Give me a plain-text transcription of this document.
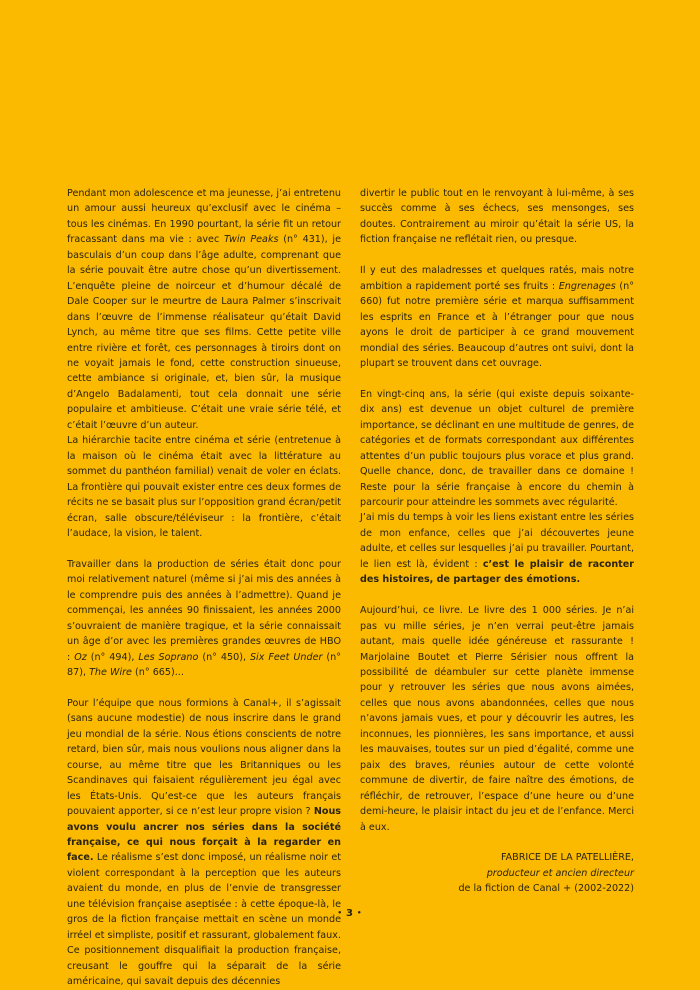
Pendant mon adolescence et ma jeunesse, j’ai entretenu un amour aussi heureux qu’exclusif avec le cinéma – tous les cinémas. En 1990 pourtant, la série fit un retour fracassant dans ma vie : avec Twin Peaks (n° 431), je basculais d’un coup dans l’âge adulte, comprenant que la série pouvait être autre chose qu’un divertissement. L’enquête pleine de noirceur et d’humour décalé de Dale Cooper sur le meurtre de Laura Palmer s’inscrivait dans l’œuvre de l’immense réalisateur qu’était David Lynch, au même titre que ses films. Cette petite ville entre rivière et forêt, ces personnages à tiroirs dont on ne voyait jamais le fond, cette construction sinueuse, cette ambiance si originale, et, bien sûr, la musique d’Angelo Badalamenti, tout cela donnait une série populaire et ambitieuse. C’était une vraie série télé, et c’était l’œuvre d’un auteur.

La hiérarchie tacite entre cinéma et série (entretenue à la maison où le cinéma était avec la littérature au sommet du panthéon familial) venait de voler en éclats. La frontière qui pouvait exister entre ces deux formes de récits ne se basait plus sur l’opposition grand écran/petit écran, salle obscure/téléviseur : la frontière, c’était l’audace, la vision, le talent.

Travailler dans la production de séries était donc pour moi relativement naturel (même si j’ai mis des années à le comprendre puis des années à l’admettre). Quand je commençai, les années 90 finissaient, les années 2000 s’ouvraient de manière tragique, et la série connaissait un âge d’or avec les premières grandes œuvres de HBO : Oz (n° 494), Les Soprano (n° 450), Six Feet Under (n° 87), The Wire (n° 665)...

Pour l’équipe que nous formions à Canal+, il s’agissait (sans aucune modestie) de nous inscrire dans le grand jeu mondial de la série. Nous étions conscients de notre retard, bien sûr, mais nous voulions nous aligner dans la course, au même titre que les Britanniques ou les Scandinaves qui faisaient régulièrement jeu égal avec les États-Unis. Qu’est-ce que les auteurs français pouvaient apporter, si ce n’est leur propre vision ? Nous avons voulu ancrer nos séries dans la société française, ce qui nous forçait à la regarder en face. Le réalisme s’est donc imposé, un réalisme noir et violent correspondant à la perception que les auteurs avaient du monde, en plus de l’envie de transgresser une télévision française aseptisée : à cette époque-là, le gros de la fiction française mettait en scène un monde irréel et simpliste, positif et rassurant, globalement faux. Ce positionnement disqualifiait la production française, creusant le gouffre qui la séparait de la série américaine, qui savait depuis des décennies

divertir le public tout en le renvoyant à lui-même, à ses succès comme à ses échecs, ses mensonges, ses doutes. Contrairement au miroir qu’était la série US, la fiction française ne reflétait rien, ou presque.

Il y eut des maladresses et quelques ratés, mais notre ambition a rapidement porté ses fruits : Engrenages (n° 660) fut notre première série et marqua suffisamment les esprits en France et à l’étranger pour que nous ayons le droit de participer à ce grand mouvement mondial des séries. Beaucoup d’autres ont suivi, dont la plupart se trouvent dans cet ouvrage.

En vingt-cinq ans, la série (qui existe depuis soixante-dix ans) est devenue un objet culturel de première importance, se déclinant en une multitude de genres, de catégories et de formats correspondant aux différentes attentes d’un public toujours plus vorace et plus grand. Quelle chance, donc, de travailler dans ce domaine ! Reste pour la série française à encore du chemin à parcourir pour atteindre les sommets avec régularité.

J’ai mis du temps à voir les liens existant entre les séries de mon enfance, celles que j’ai découvertes jeune adulte, et celles sur lesquelles j’ai pu travailler. Pourtant, le lien est là, évident : c’est le plaisir de raconter des histoires, de partager des émotions.

Aujourd’hui, ce livre. Le livre des 1 000 séries. Je n’ai pas vu mille séries, je n’en verrai peut-être jamais autant, mais quelle idée généreuse et rassurante ! Marjolaine Boutet et Pierre Sérisier nous offrent la possibilité de déambuler sur cette planète immense pour y retrouver les séries que nous avons aimées, celles que nous avons abandonnées, celles que nous n’avons jamais vues, et pour y découvrir les autres, les inconnues, les pionnières, les sans importance, et aussi les mauvaises, toutes sur un pied d’égalité, comme une paix des braves, réunies autour de cette volonté commune de divertir, de faire naître des émotions, de réfléchir, de retrouver, l’espace d’une heure ou d’une demi-heure, le plaisir intact du jeu et de l’enfance. Merci à eux.

FABRICE DE LA PATELLIÈRE,
producteur et ancien directeur
de la fiction de Canal + (2002-2022)
• 3 •
